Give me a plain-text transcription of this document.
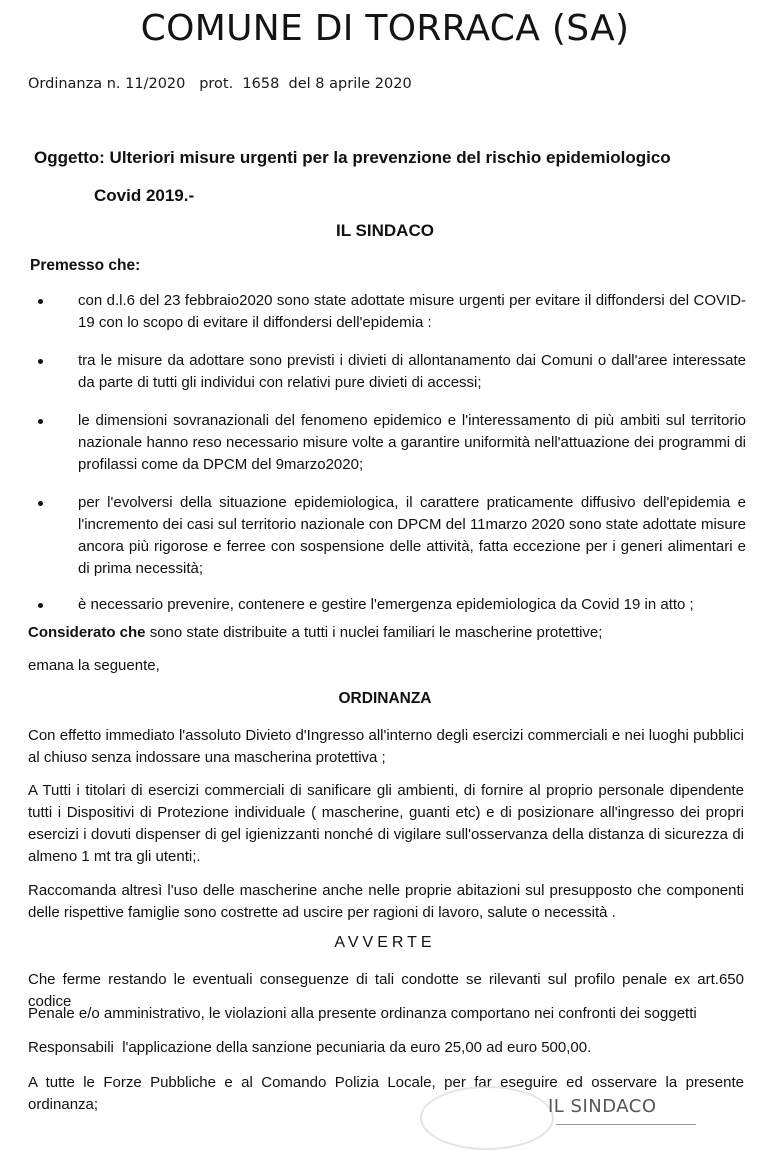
COMUNE DI TORRACA (SA)
Ordinanza n. 11/2020   prot.  1658  del 8 aprile 2020
Oggetto: Ulteriori misure urgenti per la prevenzione del rischio epidemiologico
Covid 2019.-
IL SINDACO
Premesso che:
con d.l.6 del 23 febbraio2020 sono state adottate misure urgenti per evitare il diffondersi del COVID-19 con lo scopo di evitare il diffondersi dell'epidemia :
tra le misure da adottare sono previsti i divieti di allontanamento dai Comuni o dall'aree interessate da parte di tutti gli individui con relativi pure divieti di accessi;
le dimensioni sovranazionali del fenomeno epidemico e l'interessamento di più ambiti sul territorio nazionale hanno reso necessario misure volte a garantire uniformità nell'attuazione dei programmi di profilassi come da DPCM del 9marzo2020;
per l'evolversi della situazione epidemiologica, il carattere praticamente diffusivo dell'epidemia e l'incremento dei casi sul territorio nazionale con DPCM del 11marzo 2020 sono state adottate misure ancora più rigorose e ferree con sospensione delle attività, fatta eccezione per i generi alimentari e di prima necessità;
è necessario prevenire, contenere e gestire l'emergenza epidemiologica da Covid 19 in atto ;
Considerato che sono state distribuite a tutti i nuclei familiari le mascherine protettive;
emana la seguente,
ORDINANZA
Con effetto immediato l'assoluto Divieto d'Ingresso all'interno degli esercizi commerciali e nei luoghi pubblici al chiuso senza indossare una mascherina protettiva ;
A Tutti i titolari di esercizi commerciali di sanificare gli ambienti, di fornire al proprio personale dipendente tutti i Dispositivi di Protezione individuale ( mascherine, guanti etc) e di posizionare all'ingresso dei propri esercizi i dovuti dispenser di gel igienizzanti nonché di vigilare sull'osservanza della distanza di sicurezza di almeno 1 mt tra gli utenti;.
Raccomanda altresì l'uso delle mascherine anche nelle proprie abitazioni sul presupposto che componenti delle rispettive famiglie sono costrette ad uscire per ragioni di lavoro, salute o necessità .
AVVERTE
Che ferme restando le eventuali conseguenze di tali condotte se rilevanti sul profilo penale ex art.650 codice
Penale e/o amministrativo, le violazioni alla presente ordinanza comportano nei confronti dei soggetti
Responsabili  l'applicazione della sanzione pecuniaria da euro 25,00 ad euro 500,00.
A tutte le Forze Pubbliche e al Comando Polizia Locale, per far eseguire ed osservare la presente ordinanza;	IL SINDACO
